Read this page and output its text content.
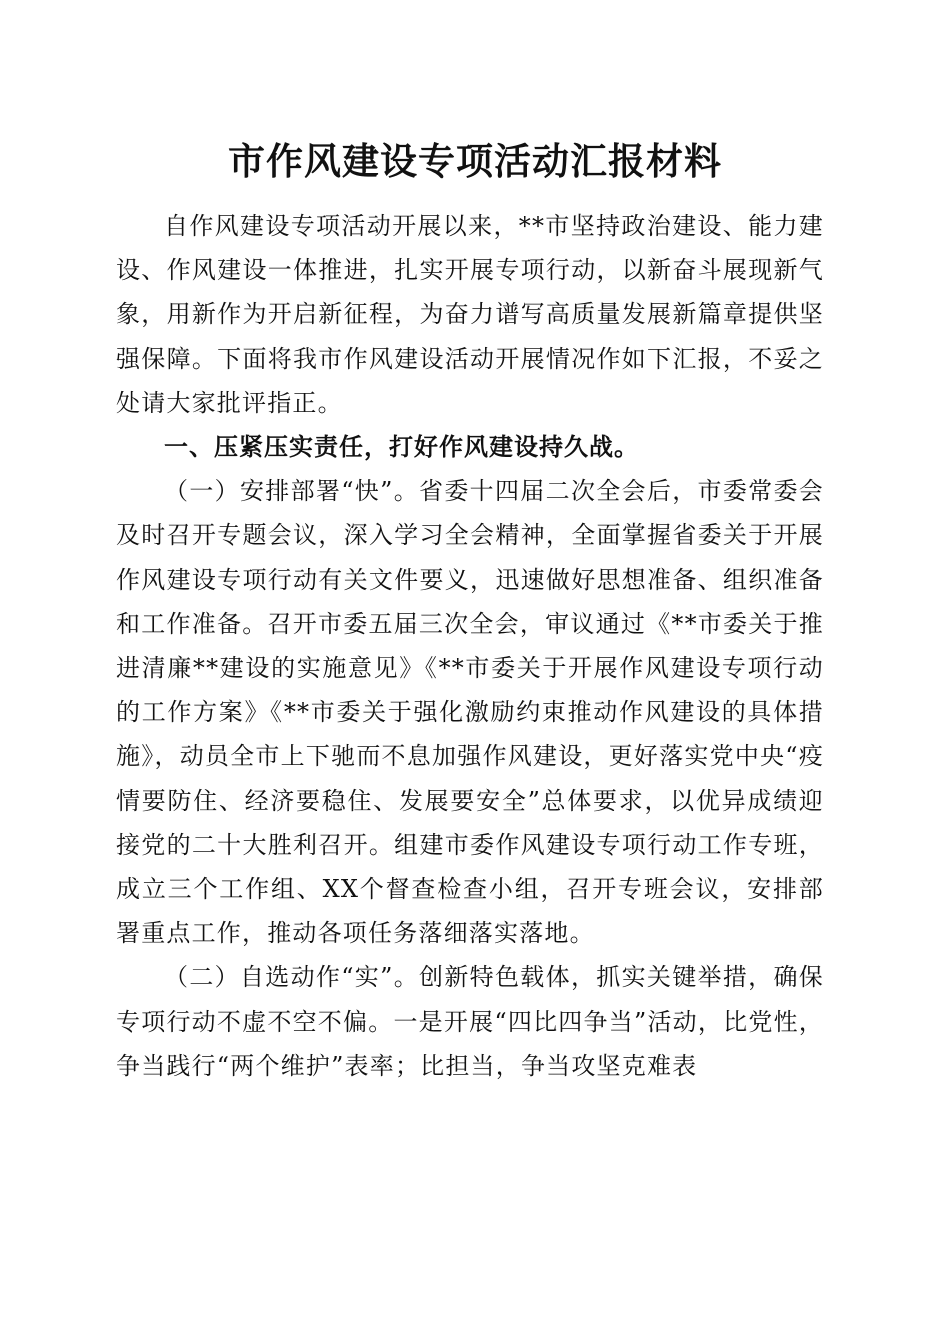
市作风建设专项活动汇报材料

自作风建设专项活动开展以来，**市坚持政治建设、能力建设、作风建设一体推进，扎实开展专项行动，以新奋斗展现新气象，用新作为开启新征程，为奋力谱写高质量发展新篇章提供坚强保障。下面将我市作风建设活动开展情况作如下汇报，不妥之处请大家批评指正。

一、压紧压实责任，打好作风建设持久战。

（一）安排部署“快”。省委十四届二次全会后，市委常委会及时召开专题会议，深入学习全会精神，全面掌握省委关于开展作风建设专项行动有关文件要义，迅速做好思想准备、组织准备和工作准备。召开市委五届三次全会，审议通过《**市委关于推进清廉**建设的实施意见》《**市委关于开展作风建设专项行动的工作方案》《**市委关于强化激励约束推动作风建设的具体措施》，动员全市上下驰而不息加强作风建设，更好落实党中央“疫情要防住、经济要稳住、发展要安全”总体要求，以优异成绩迎接党的二十大胜利召开。组建市委作风建设专项行动工作专班，成立三个工作组、XX个督查检查小组，召开专班会议，安排部署重点工作，推动各项任务落细落实落地。

（二）自选动作“实”。创新特色载体，抓实关键举措，确保专项行动不虚不空不偏。一是开展“四比四争当”活动，比党性，争当践行“两个维护”表率；比担当，争当攻坚克难表
